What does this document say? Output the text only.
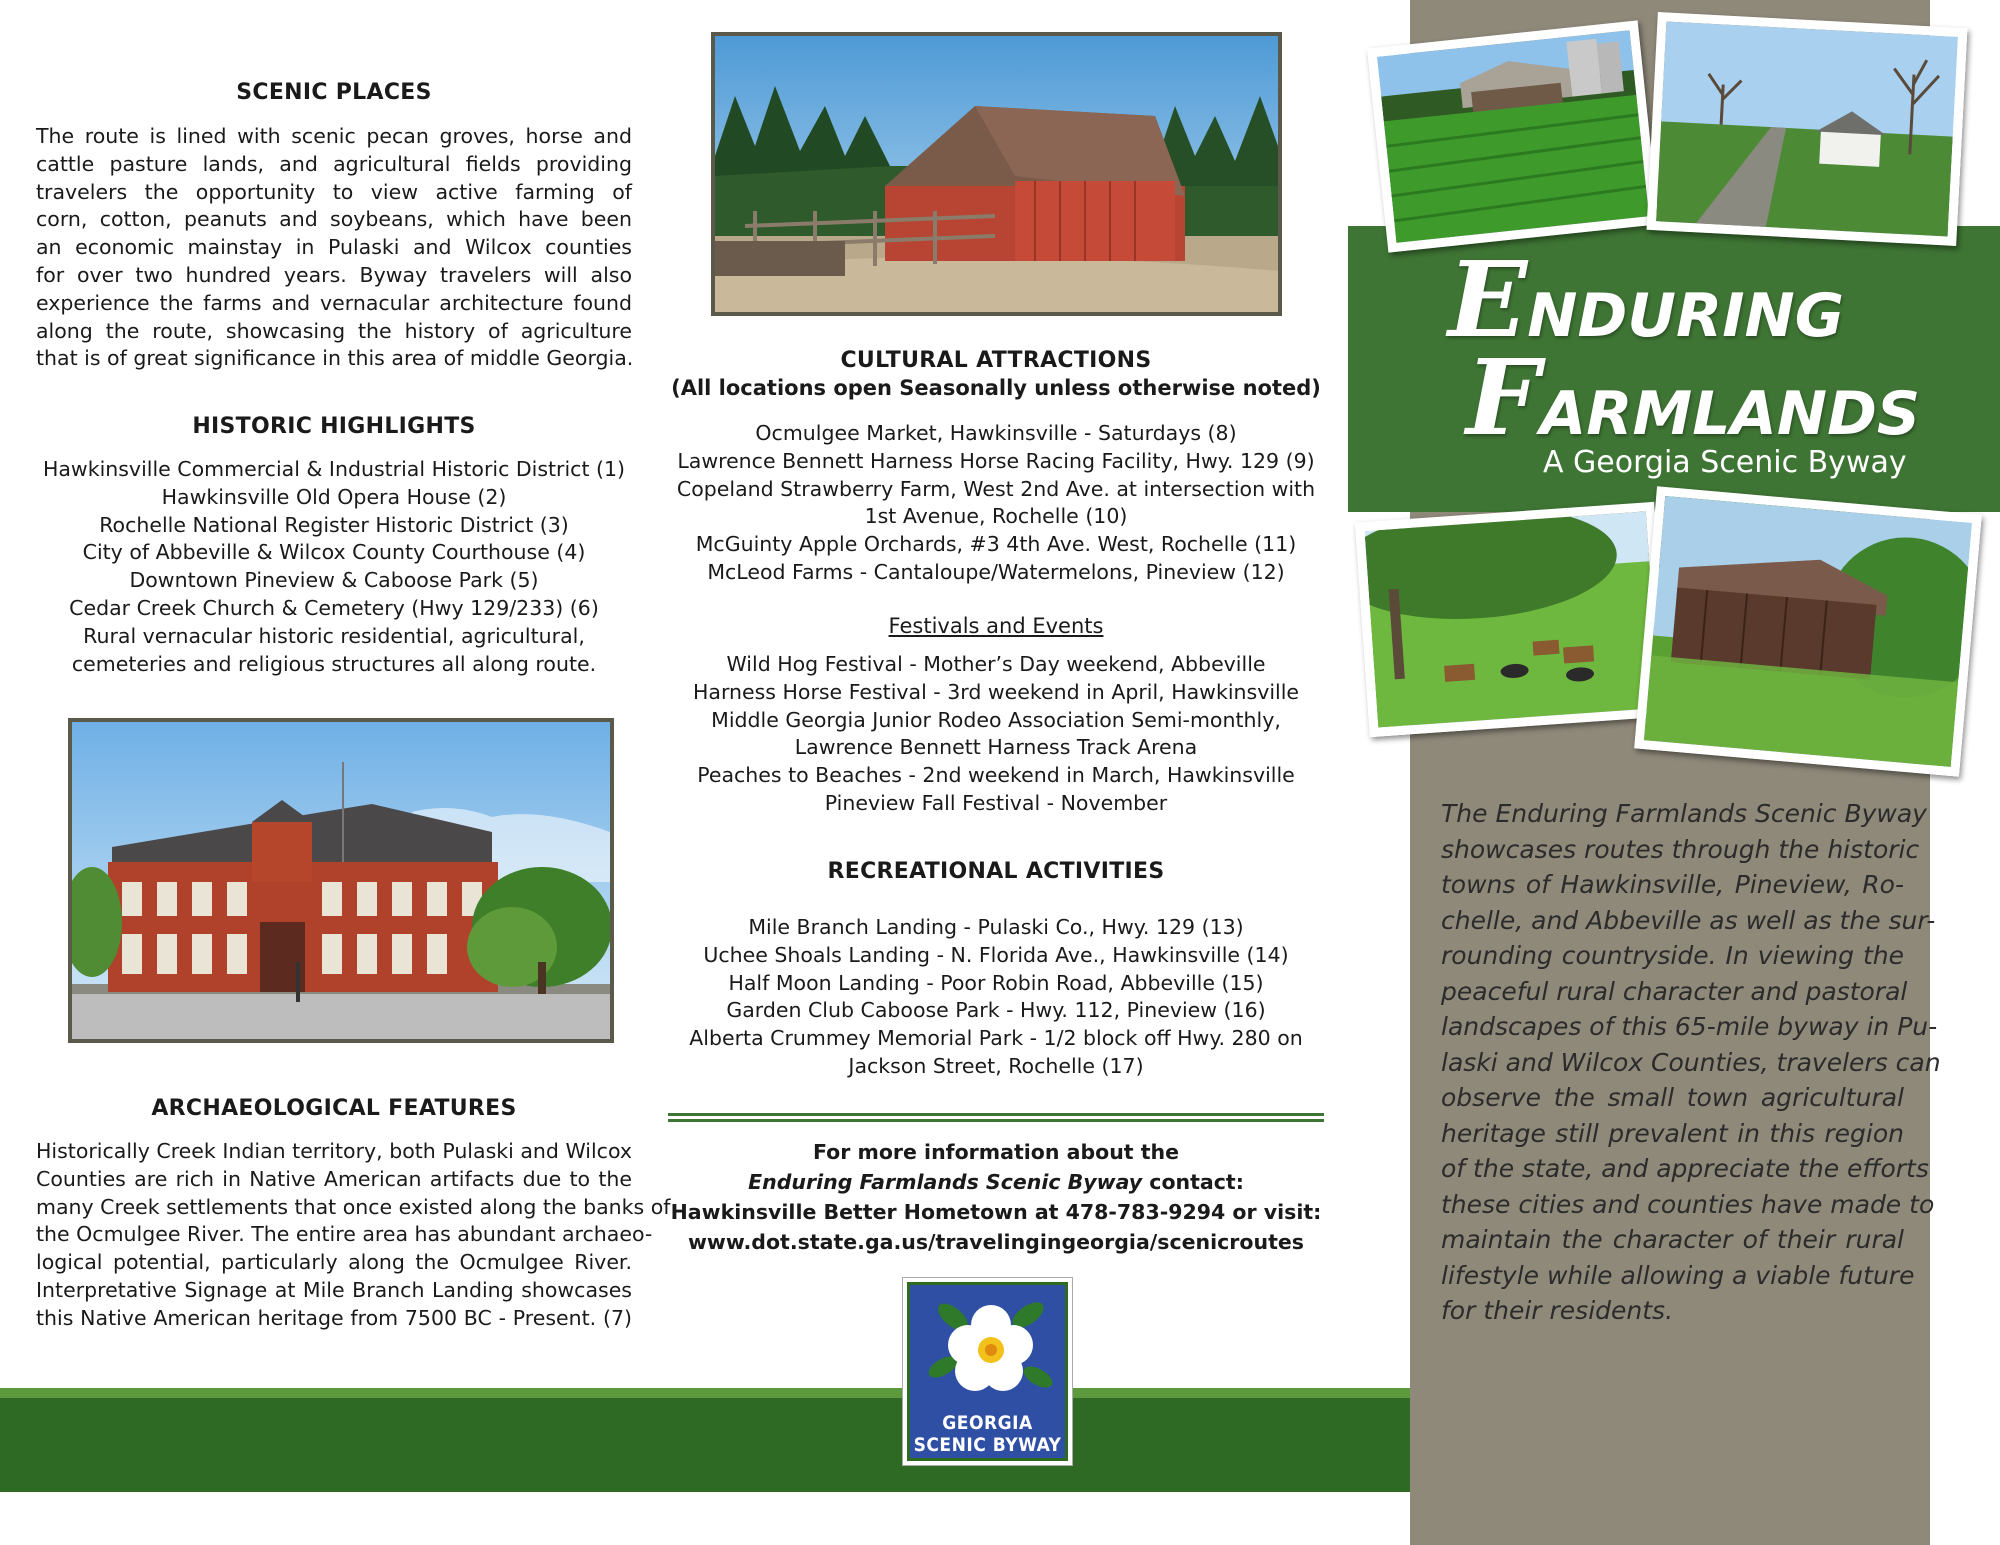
SCENIC PLACES
The route is lined with scenic pecan groves, horse and
cattle pasture lands, and agricultural fields providing
travelers the opportunity to view active farming of
corn, cotton, peanuts and soybeans, which have been
an economic mainstay in Pulaski and Wilcox counties
for over two hundred years. Byway travelers will also
experience the farms and vernacular architecture found
along the route, showcasing the history of agriculture
that is of great significance in this area of middle Georgia.
HISTORIC HIGHLIGHTS
Hawkinsville Commercial & Industrial Historic District (1)
Hawkinsville Old Opera House (2)
Rochelle National Register Historic District (3)
City of Abbeville & Wilcox County Courthouse (4)
Downtown Pineview & Caboose Park (5)
Cedar Creek Church & Cemetery (Hwy 129/233) (6)
Rural vernacular historic residential, agricultural,
cemeteries and religious structures all along route.
ARCHAEOLOGICAL FEATURES
Historically Creek Indian territory, both Pulaski and Wilcox
Counties are rich in Native American artifacts due to the
many Creek settlements that once existed along the banks of
the Ocmulgee River. The entire area has abundant archaeo-
logical potential, particularly along the Ocmulgee River.
Interpretative Signage at Mile Branch Landing showcases
this Native American heritage from 7500 BC - Present. (7)
CULTURAL ATTRACTIONS
(All locations open Seasonally unless otherwise noted)
Ocmulgee Market, Hawkinsville - Saturdays (8)
Lawrence Bennett Harness Horse Racing Facility, Hwy. 129 (9)
Copeland Strawberry Farm, West 2nd Ave. at intersection with
1st Avenue, Rochelle (10)
McGuinty Apple Orchards, #3 4th Ave. West, Rochelle (11)
McLeod Farms - Cantaloupe/Watermelons, Pineview (12)
Festivals and Events
Wild Hog Festival - Mother’s Day weekend, Abbeville
Harness Horse Festival - 3rd weekend in April, Hawkinsville
Middle Georgia Junior Rodeo Association Semi-monthly,
Lawrence Bennett Harness Track Arena
Peaches to Beaches - 2nd weekend in March, Hawkinsville
Pineview Fall Festival - November
RECREATIONAL ACTIVITIES
Mile Branch Landing - Pulaski Co., Hwy. 129 (13)
Uchee Shoals Landing - N. Florida Ave., Hawkinsville (14)
Half Moon Landing - Poor Robin Road, Abbeville (15)
Garden Club Caboose Park - Hwy. 112, Pineview (16)
Alberta Crummey Memorial Park - 1/2 block off Hwy. 280 on
Jackson Street, Rochelle (17)
For more information about the
Enduring Farmlands Scenic Byway contact:
Hawkinsville Better Hometown at 478-783-9294 or visit:
www.dot.state.ga.us/travelingingeorgia/scenicroutes
GEORGIA
SCENIC BYWAY
ENDURING
FARMLANDS
A Georgia Scenic Byway
The Enduring Farmlands Scenic Byway
showcases routes through the historic
towns of Hawkinsville, Pineview, Ro-
chelle, and Abbeville as well as the sur-
rounding countryside. In viewing the
peaceful rural character and pastoral
landscapes of this 65-mile byway in Pu-
laski and Wilcox Counties, travelers can
observe the small town agricultural
heritage still prevalent in this region
of the state, and appreciate the efforts
these cities and counties have made to
maintain the character of their rural
lifestyle while allowing a viable future
for their residents.
